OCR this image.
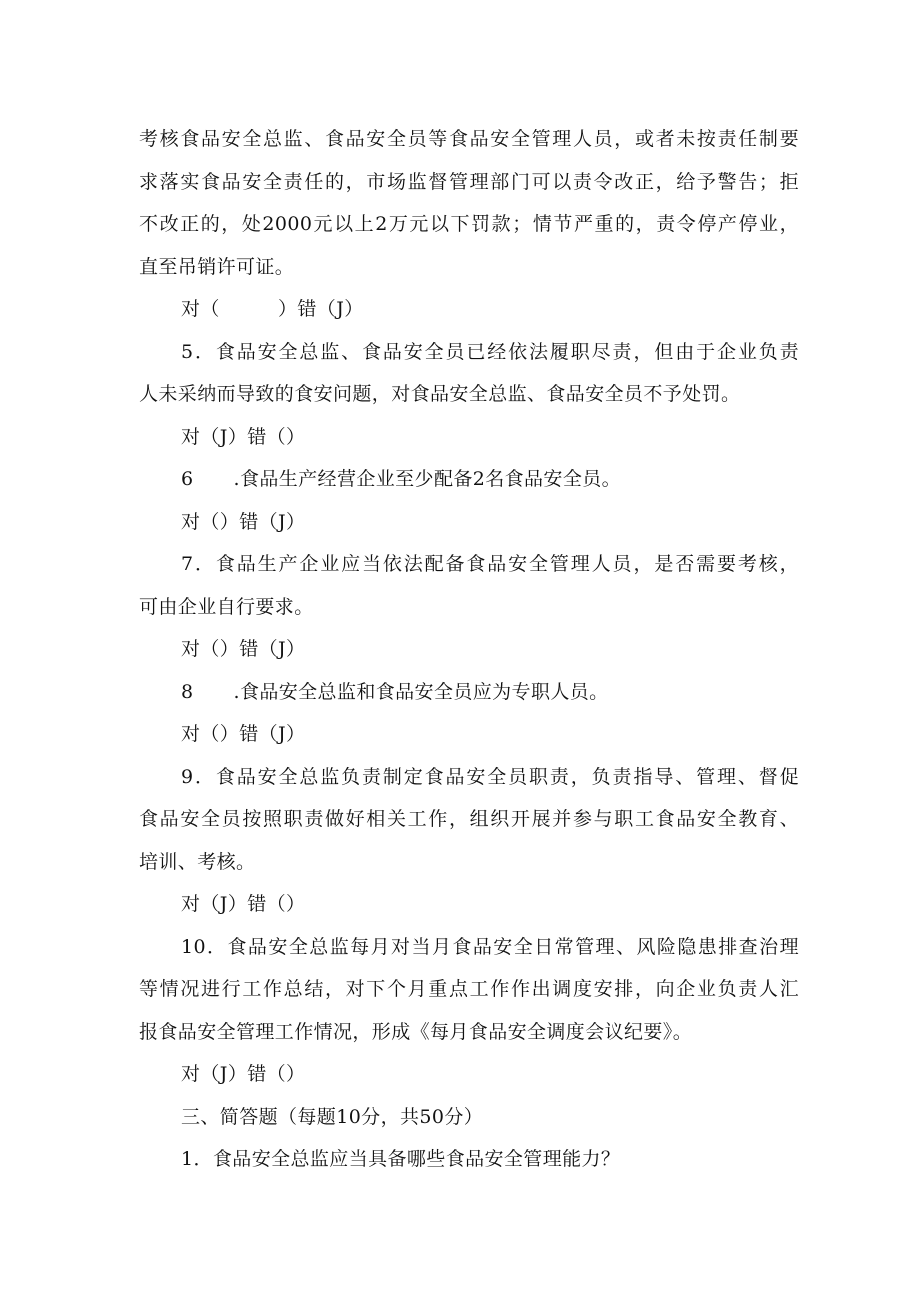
考核食品安全总监、食品安全员等食品安全管理人员，或者未按责任制要
求落实食品安全责任的，市场监督管理部门可以责令改正，给予警告；拒
不改正的，处2000元以上2万元以下罚款；情节严重的，责令停产停业，
直至吊销许可证。
对（　　　）错（J）
5．食品安全总监、食品安全员已经依法履职尽责，但由于企业负责
人未采纳而导致的食安问题，对食品安全总监、食品安全员不予处罚。
对（J）错（）
6 .食品生产经营企业至少配备2名食品安全员。
对（）错（J）
7．食品生产企业应当依法配备食品安全管理人员，是否需要考核，
可由企业自行要求。
对（）错（J）
8 .食品安全总监和食品安全员应为专职人员。
对（）错（J）
9．食品安全总监负责制定食品安全员职责，负责指导、管理、督促
食品安全员按照职责做好相关工作，组织开展并参与职工食品安全教育、
培训、考核。
对（J）错（）
10．食品安全总监每月对当月食品安全日常管理、风险隐患排查治理
等情况进行工作总结，对下个月重点工作作出调度安排，向企业负责人汇
报食品安全管理工作情况，形成《每月食品安全调度会议纪要》。
对（J）错（）
三、简答题（每题10分，共50分）
1．食品安全总监应当具备哪些食品安全管理能力？
